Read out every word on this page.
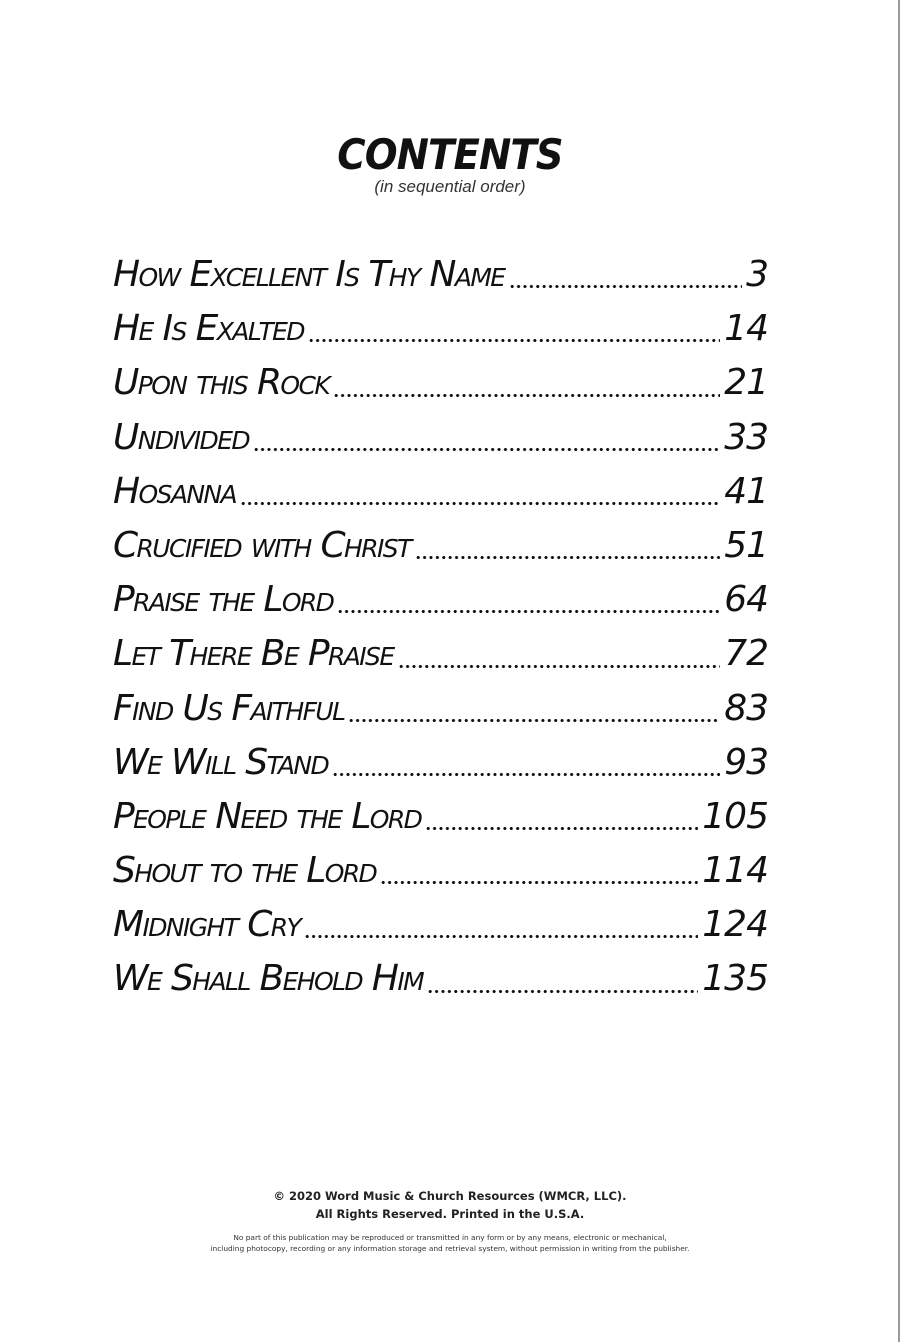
CONTENTS
(in sequential order)
How Excellent Is Thy Name	3
He Is Exalted	14
Upon this Rock	21
Undivided	33
Hosanna	41
Crucified with Christ	51
Praise the Lord	64
Let There Be Praise	72
Find Us Faithful	83
We Will Stand	93
People Need the Lord	105
Shout to the Lord	114
Midnight Cry	124
We Shall Behold Him	135
© 2020 Word Music & Church Resources (WMCR, LLC).
All Rights Reserved. Printed in the U.S.A.
No part of this publication may be reproduced or transmitted in any form or by any means, electronic or mechanical,
including photocopy, recording or any information storage and retrieval system, without permission in writing from the publisher.
